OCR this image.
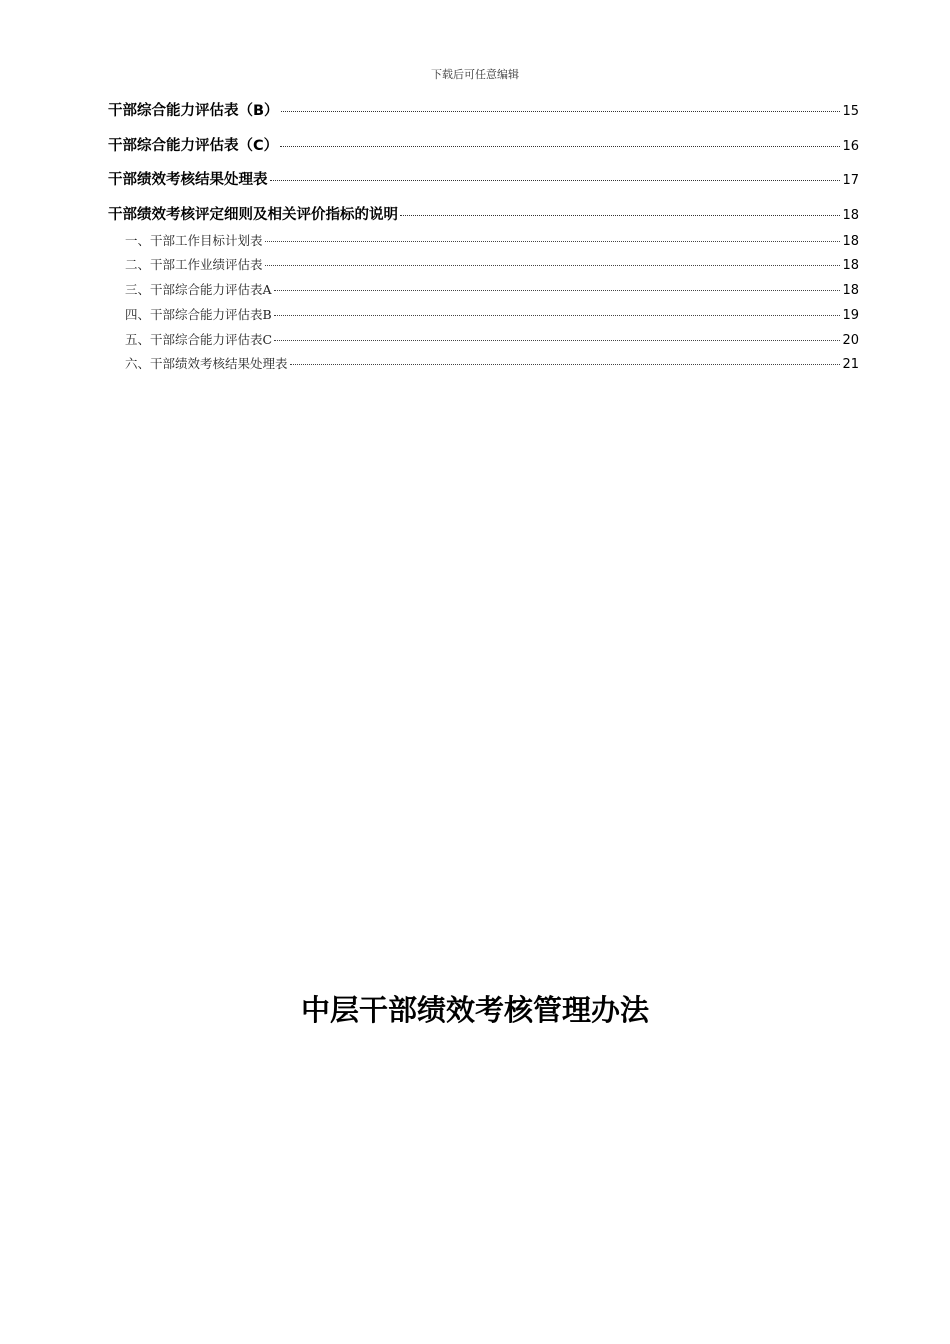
下载后可任意编辑
干部综合能力评估表（B）	15
干部综合能力评估表（C）	16
干部绩效考核结果处理表	17
干部绩效考核评定细则及相关评价指标的说明	18
一、干部工作目标计划表	18
二、干部工作业绩评估表	18
三、干部综合能力评估表A	18
四、干部综合能力评估表B	19
五、干部综合能力评估表C	20
六、干部绩效考核结果处理表	21
中层干部绩效考核管理办法
